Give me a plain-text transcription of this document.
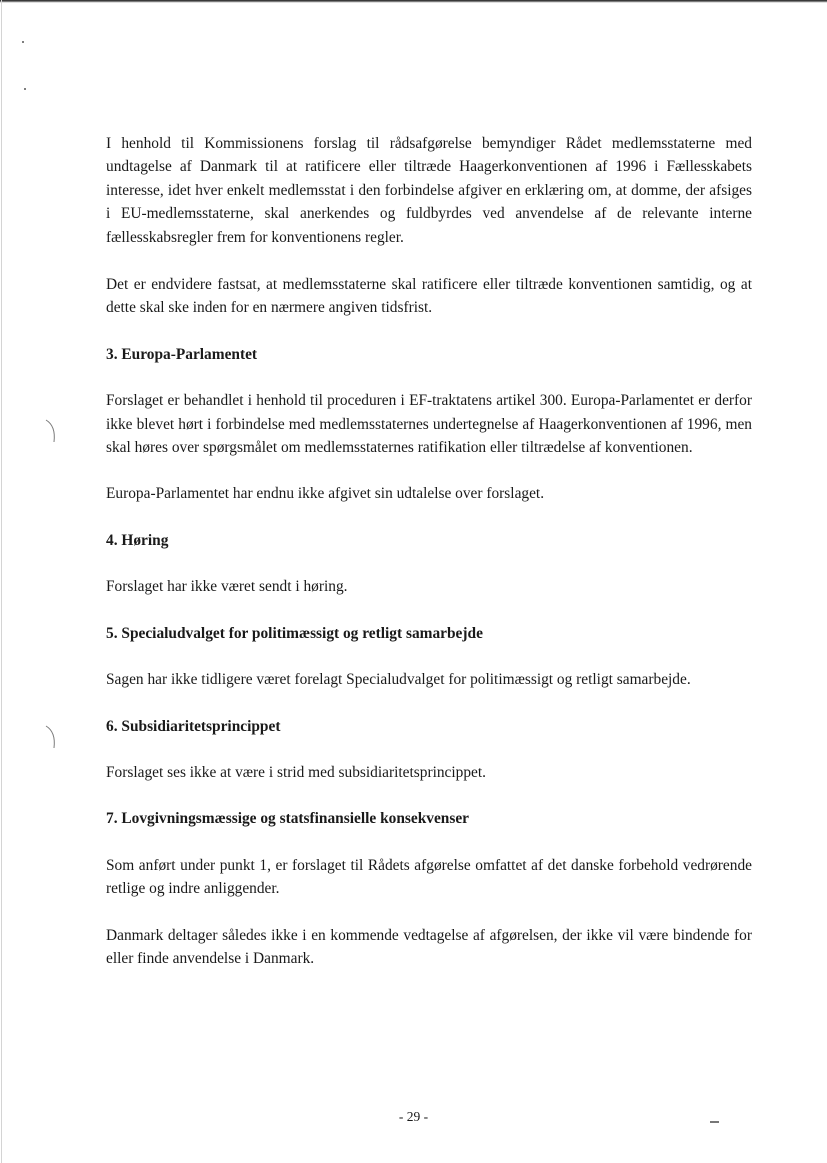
I henhold til Kommissionens forslag til rådsafgørelse bemyndiger Rådet medlemsstaterne med undtagelse af Danmark til at ratificere eller tiltræde Haagerkonventionen af 1996 i Fællesskabets interesse, idet hver enkelt medlemsstat i den forbindelse afgiver en erklæring om, at domme, der afsiges i EU-medlemsstaterne, skal anerkendes og fuldbyrdes ved anvendelse af de relevante interne fællesskabsregler frem for konventionens regler.

Det er endvidere fastsat, at medlemsstaterne skal ratificere eller tiltræde konventionen samtidig, og at dette skal ske inden for en nærmere angiven tidsfrist.

3. Europa-Parlamentet

Forslaget er behandlet i henhold til proceduren i EF-traktatens artikel 300. Europa-Parlamentet er derfor ikke blevet hørt i forbindelse med medlemsstaternes undertegnelse af Haagerkonventionen af 1996, men skal høres over spørgsmålet om medlemsstaternes ratifikation eller tiltrædelse af konventionen.

Europa-Parlamentet har endnu ikke afgivet sin udtalelse over forslaget.

4. Høring

Forslaget har ikke været sendt i høring.

5. Specialudvalget for politimæssigt og retligt samarbejde

Sagen har ikke tidligere været forelagt Specialudvalget for politimæssigt og retligt samarbejde.

6. Subsidiaritetsprincippet

Forslaget ses ikke at være i strid med subsidiaritetsprincippet.

7. Lovgivningsmæssige og statsfinansielle konsekvenser

Som anført under punkt 1, er forslaget til Rådets afgørelse omfattet af det danske forbehold vedrørende retlige og indre anliggender.

Danmark deltager således ikke i en kommende vedtagelse af afgørelsen, der ikke vil være bindende for eller finde anvendelse i Danmark.

- 29 -
